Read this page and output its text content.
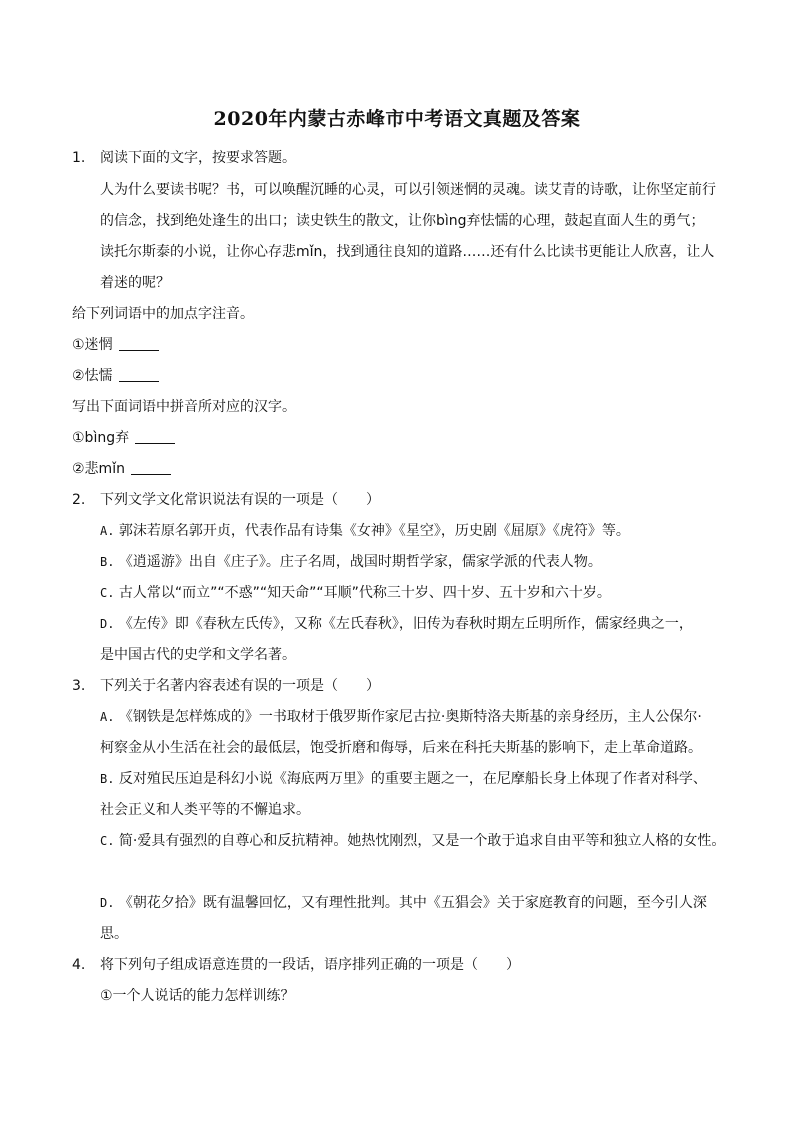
2020年内蒙古赤峰市中考语文真题及答案
1. 阅读下面的文字，按要求答题。
人为什么要读书呢？书，可以唤醒沉睡的心灵，可以引领迷惘的灵魂。读艾青的诗歌，让你坚定前行
的信念，找到绝处逢生的出口；读史铁生的散文，让你bìng弃怯懦的心理，鼓起直面人生的勇气；
读托尔斯泰的小说，让你心存悲mǐn，找到通往良知的道路……还有什么比读书更能让人欣喜，让人
着迷的呢？
给下列词语中的加点字注音。
①迷惘
②怯懦
写出下面词语中拼音所对应的汉字。
①bìng弃
②悲mǐn
2. 下列文学文化常识说法有误的一项是（　　）
A. 郭沫若原名郭开贞，代表作品有诗集《女神》《星空》，历史剧《屈原》《虎符》等。
B. 《逍遥游》出自《庄子》。庄子名周，战国时期哲学家，儒家学派的代表人物。
C. 古人常以“而立”“不惑”“知天命”“耳顺”代称三十岁、四十岁、五十岁和六十岁。
D. 《左传》即《春秋左氏传》，又称《左氏春秋》，旧传为春秋时期左丘明所作，儒家经典之一，
是中国古代的史学和文学名著。
3. 下列关于名著内容表述有误的一项是（　　）
A. 《钢铁是怎样炼成的》一书取材于俄罗斯作家尼古拉·奥斯特洛夫斯基的亲身经历，主人公保尔·
柯察金从小生活在社会的最低层，饱受折磨和侮辱，后来在科托夫斯基的影响下，走上革命道路。
B. 反对殖民压迫是科幻小说《海底两万里》的重要主题之一，在尼摩船长身上体现了作者对科学、
社会正义和人类平等的不懈追求。
C. 简·爱具有强烈的自尊心和反抗精神。她热忱刚烈，又是一个敢于追求自由平等和独立人格的女性。
D. 《朝花夕拾》既有温馨回忆，又有理性批判。其中《五猖会》关于家庭教育的问题，至今引人深
思。
4. 将下列句子组成语意连贯的一段话，语序排列正确的一项是（　　）
①一个人说话的能力怎样训练？
